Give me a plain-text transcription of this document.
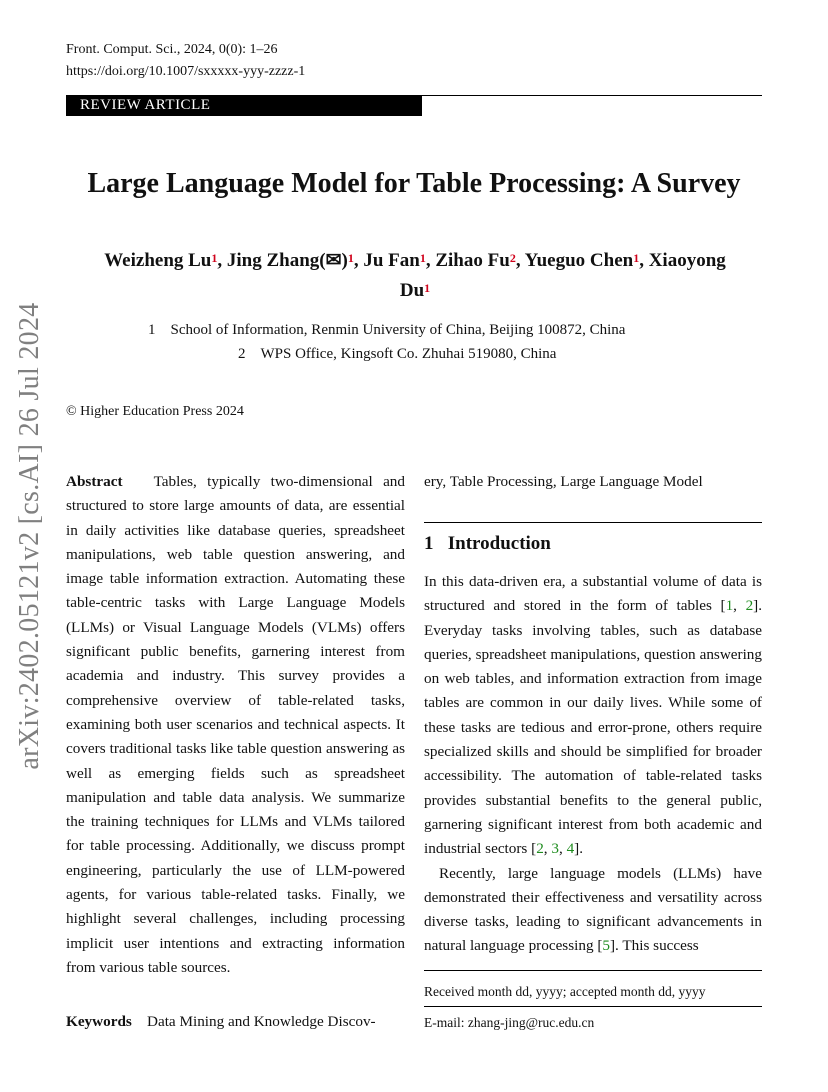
Front. Comput. Sci., 2024, 0(0): 1–26
https://doi.org/10.1007/sxxxxx-yyy-zzzz-1
REVIEW ARTICLE
arXiv:2402.05121v2 [cs.AI] 26 Jul 2024
Large Language Model for Table Processing: A Survey
Weizheng Lu$^1$, Jing Zhang(✉)$^1$, Ju Fan$^1$, Zihao Fu$^2$, Yueguo Chen$^1$, Xiaoyong
Du$^1$
1 School of Information, Renmin University of China, Beijing 100872, China
2 WPS Office, Kingsoft Co. Zhuhai 519080, China
© Higher Education Press 2024

Abstract Tables, typically two-dimensional and structured to store large amounts of data, are essential in daily activities like database queries, spreadsheet manipulations, web table question answering, and image table information extraction. Automating these table-centric tasks with Large Language Models (LLMs) or Visual Language Models (VLMs) offers significant public benefits, garnering interest from academia and industry. This survey provides a comprehensive overview of table-related tasks, examining both user scenarios and technical aspects. It covers traditional tasks like table question answering as well as emerging fields such as spreadsheet manipulation and table data analysis. We summarize the training techniques for LLMs and VLMs tailored for table processing. Additionally, we discuss prompt engineering, particularly the use of LLM-powered agents, for various table-related tasks. Finally, we highlight several challenges, including processing implicit user intentions and extracting information from various table sources.

Keywords Data Mining and Knowledge Discov-
ery, Table Processing, Large Language Model
1 Introduction

In this data-driven era, a substantial volume of data is structured and stored in the form of tables [1, 2]. Everyday tasks involving tables, such as database queries, spreadsheet manipulations, question answering on web tables, and information extraction from image tables are common in our daily lives. While some of these tasks are tedious and error-prone, others require specialized skills and should be simplified for broader accessibility. The automation of table-related tasks provides substantial benefits to the general public, garnering significant interest from both academic and industrial sectors [2, 3, 4].

Recently, large language models (LLMs) have demonstrated their effectiveness and versatility across diverse tasks, leading to significant advancements in natural language processing [5]. This success

Received month dd, yyyy; accepted month dd, yyyy
E-mail: zhang-jing@ruc.edu.cn
